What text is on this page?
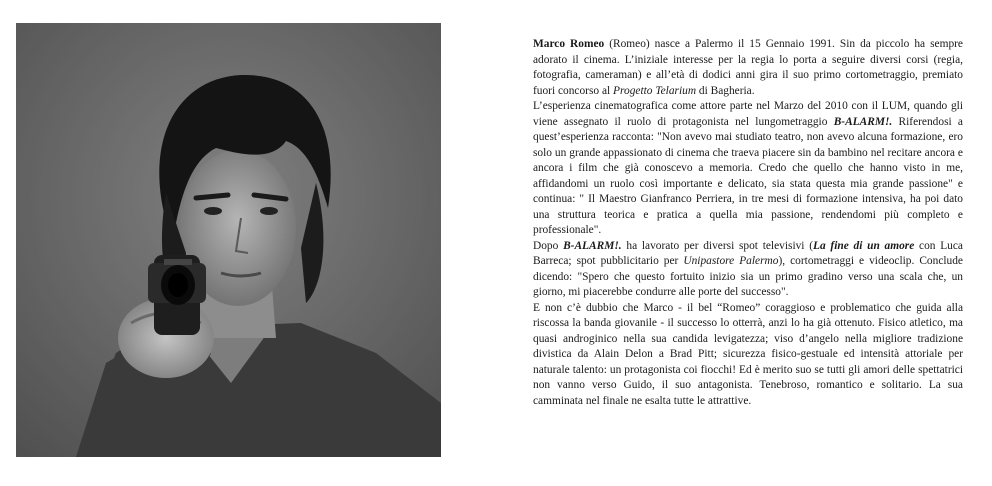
Marco Romeo (Romeo) nasce a Palermo il 15 Gennaio 1991. Sin da piccolo ha sempre adorato il cinema. L’iniziale interesse per la regia lo porta a seguire diversi corsi (regia, fotografia, cameraman) e all’età di dodici anni gira il suo primo cortometraggio, premiato fuori concorso al Progetto Telarium di Bagheria.

L’esperienza cinematografica come attore parte nel Marzo del 2010 con il LUM, quando gli viene assegnato il ruolo di protagonista nel lungometraggio B-ALARM!. Riferendosi a quest’esperienza racconta: "Non avevo mai studiato teatro, non avevo alcuna formazione, ero solo un grande appassionato di cinema che traeva piacere sin da bambino nel recitare ancora e ancora i film che già conoscevo a memoria. Credo che quello che hanno visto in me, affidandomi un ruolo così importante e delicato, sia stata questa mia grande passione" e continua: " Il Maestro Gianfranco Perriera, in tre mesi di formazione intensiva, ha poi dato una struttura teorica e pratica a quella mia passione, rendendomi più completo e professionale".

Dopo B-ALARM!. ha lavorato per diversi spot televisivi (La fine di un amore con Luca Barreca; spot pubblicitario per Unipastore Palermo), cortometraggi e videoclip. Conclude dicendo: "Spero che questo fortuito inizio sia un primo gradino verso una scala che, un giorno, mi piacerebbe condurre alle porte del successo".

E non c’è dubbio che Marco - il bel “Romeo” coraggioso e problematico che guida alla riscossa la banda giovanile - il successo lo otterrà, anzi lo ha già ottenuto. Fisico atletico, ma quasi androginico nella sua candida levigatezza; viso d’angelo nella migliore tradizione divistica da Alain Delon a Brad Pitt; sicurezza fisico-gestuale ed intensità attoriale per naturale talento: un protagonista coi fiocchi! Ed è merito suo se tutti gli amori delle spettatrici non vanno verso Guido, il suo antagonista. Tenebroso, romantico e solitario. La sua camminata nel finale ne esalta tutte le attrattive.
